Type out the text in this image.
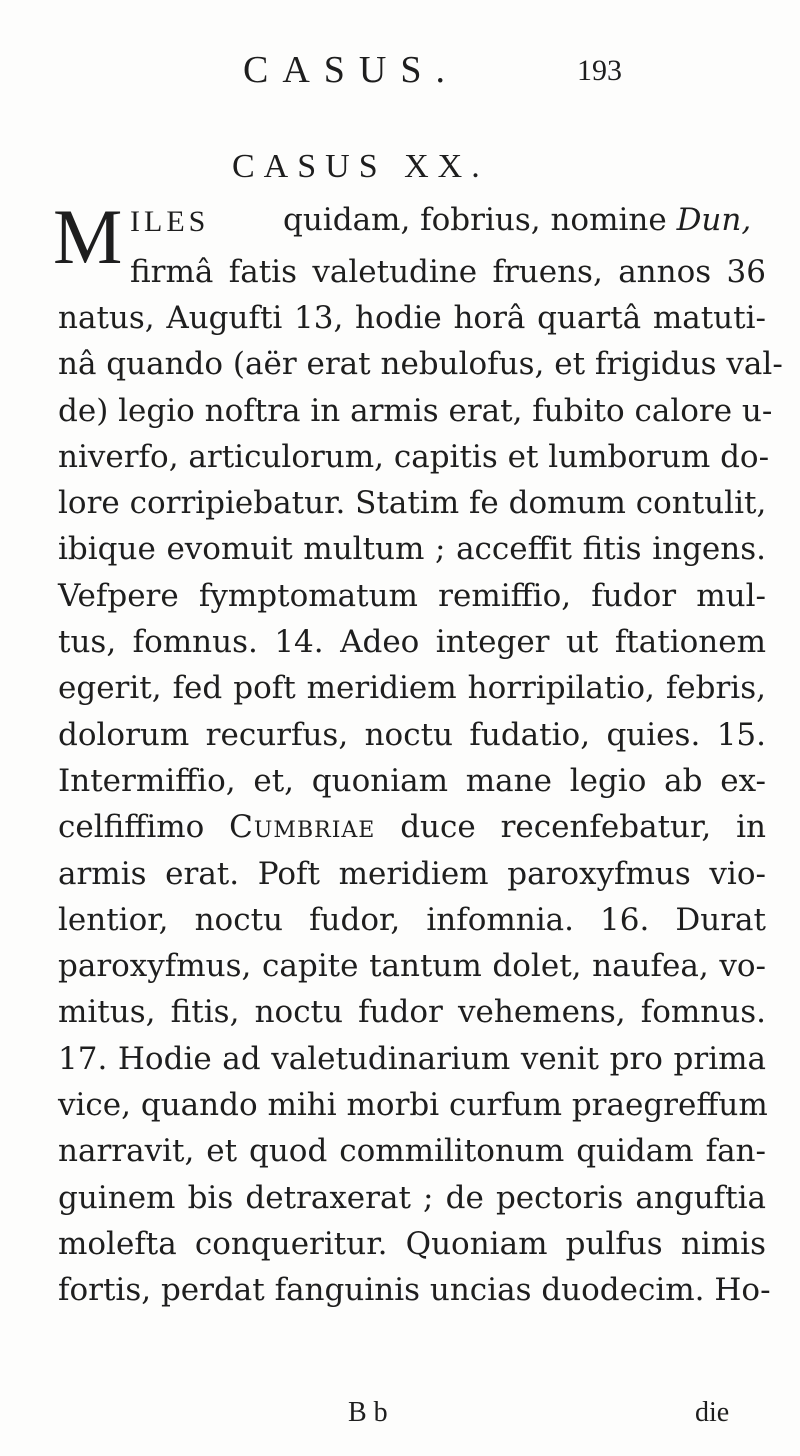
CASUS.	193
CASUS XX.
M ILES quidam, fobrius, nomine Dun,
firmâ fatis valetudine fruens, annos 36
natus, Augufti 13, hodie horâ quartâ matuti-
nâ quando (aër erat nebulofus, et frigidus val-
de) legio noftra in armis erat, fubito calore u-
niverfo, articulorum, capitis et lumborum do-
lore corripiebatur. Statim fe domum contulit,
ibique evomuit multum ; acceffit fitis ingens.
Vefpere fymptomatum remiffio, fudor mul-
tus, fomnus. 14. Adeo integer ut ftationem
egerit, fed poft meridiem horripilatio, febris,
dolorum recurfus, noctu fudatio, quies. 15.
Intermiffio, et, quoniam mane legio ab ex-
celfiffimo Cumbriae duce recenfebatur, in
armis erat. Poft meridiem paroxyfmus vio-
lentior, noctu fudor, infomnia. 16. Durat
paroxyfmus, capite tantum dolet, naufea, vo-
mitus, fitis, noctu fudor vehemens, fomnus.
17. Hodie ad valetudinarium venit pro prima
vice, quando mihi morbi curfum praegreffum
narravit, et quod commilitonum quidam fan-
guinem bis detraxerat ; de pectoris anguftia
molefta conqueritur. Quoniam pulfus nimis
fortis, perdat fanguinis uncias duodecim. Ho-
B b	die
